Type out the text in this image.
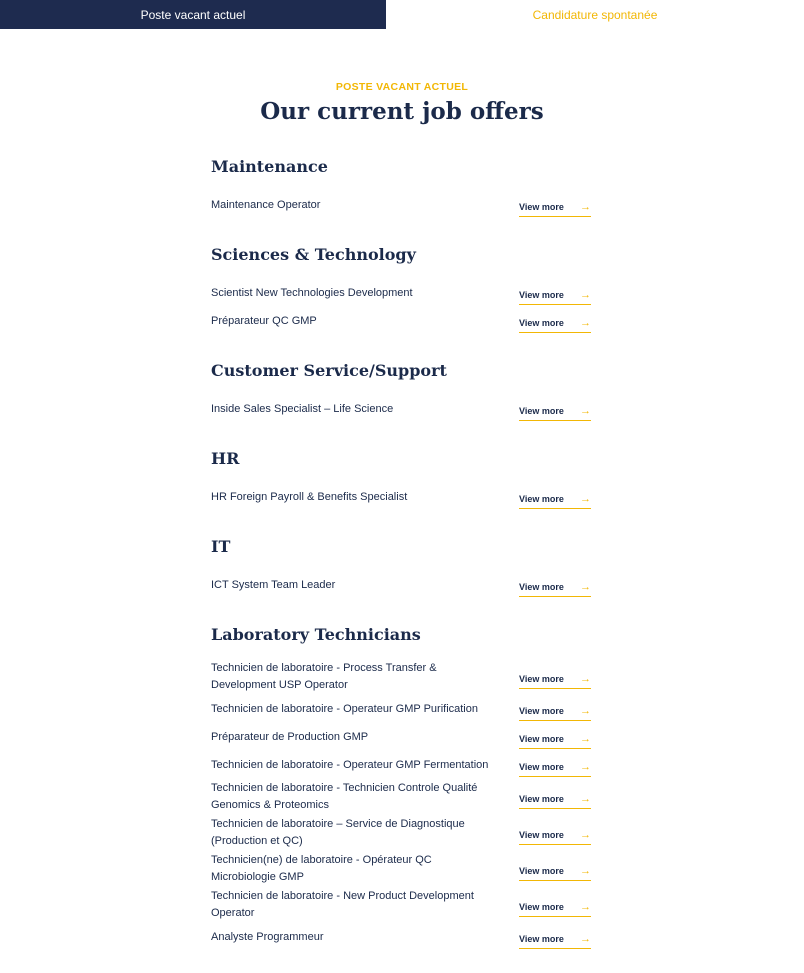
Poste vacant actuel	Candidature spontanée
POSTE VACANT ACTUEL
Our current job offers
Maintenance
Maintenance Operator	View more →
Sciences & Technology
Scientist New Technologies Development	View more →
Préparateur QC GMP	View more →
Customer Service/Support
Inside Sales Specialist – Life Science	View more →
HR
HR Foreign Payroll & Benefits Specialist	View more →
IT
ICT System Team Leader	View more →
Laboratory Technicians
Technicien de laboratoire - Process Transfer & Development USP Operator	View more →
Technicien de laboratoire - Operateur GMP Purification	View more →
Préparateur de Production GMP	View more →
Technicien de laboratoire - Operateur GMP Fermentation	View more →
Technicien de laboratoire - Technicien Controle Qualité Genomics & Proteomics	View more →
Technicien de laboratoire – Service de Diagnostique (Production et QC)	View more →
Technicien(ne) de laboratoire - Opérateur QC Microbiologie GMP	View more →
Technicien de laboratoire - New Product Development Operator	View more →
Analyste Programmeur	View more →
